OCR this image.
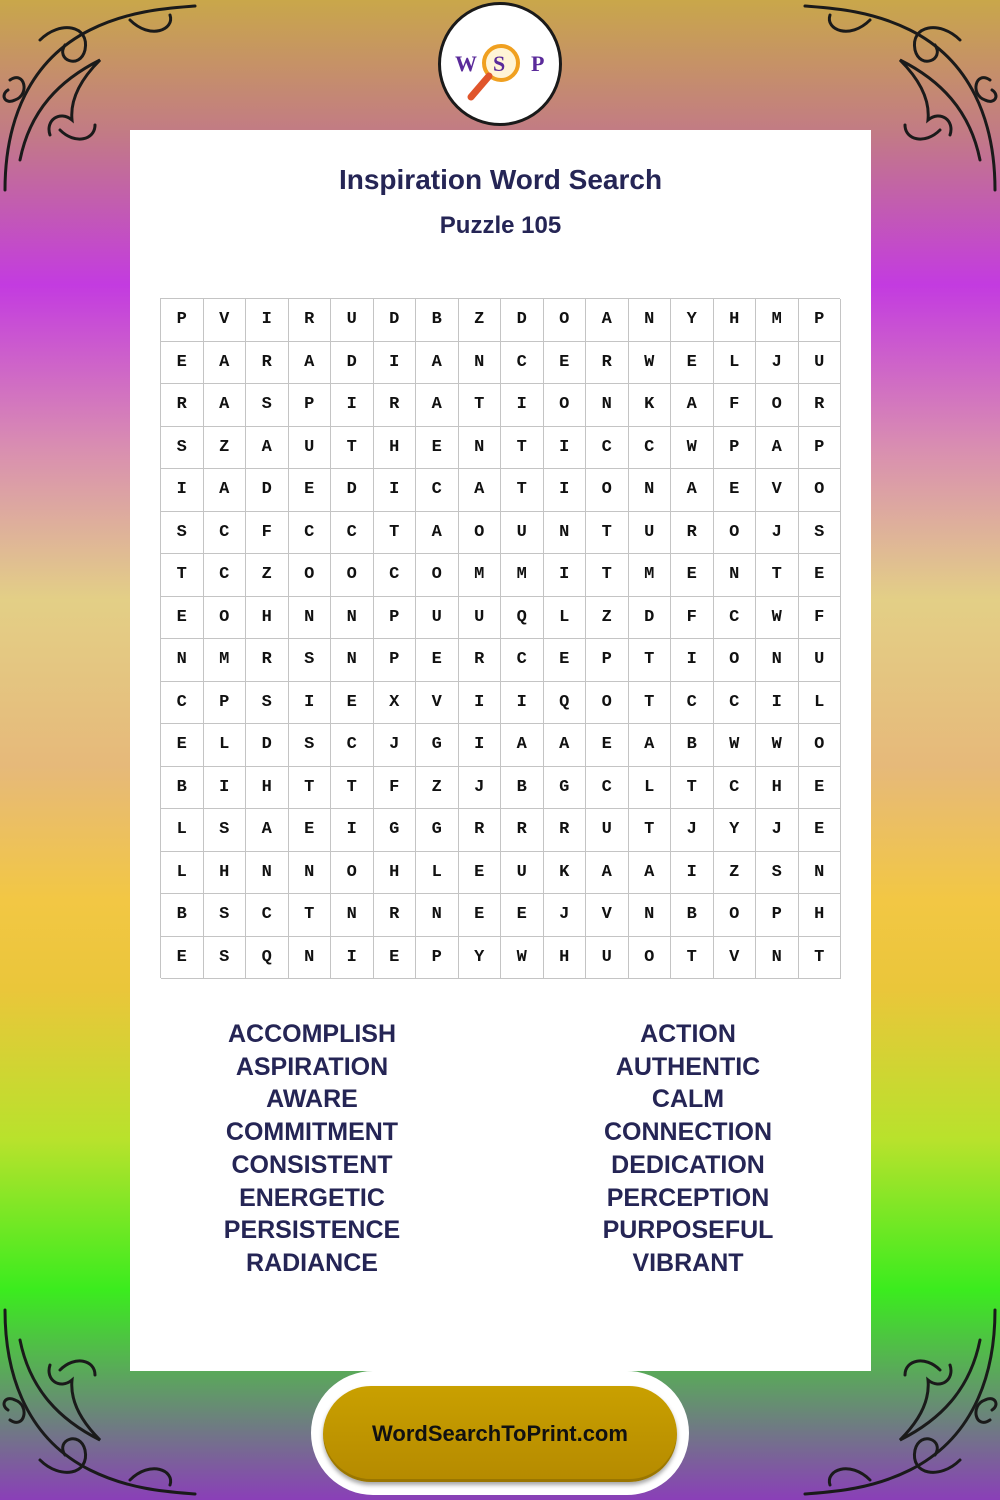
W S P
Inspiration Word Search
Puzzle 105
P	V	I	R	U	D	B	Z	D	O	A	N	Y	H	M	P
E	A	R	A	D	I	A	N	C	E	R	W	E	L	J	U
R	A	S	P	I	R	A	T	I	O	N	K	A	F	O	R
S	Z	A	U	T	H	E	N	T	I	C	C	W	P	A	P
I	A	D	E	D	I	C	A	T	I	O	N	A	E	V	O
S	C	F	C	C	T	A	O	U	N	T	U	R	O	J	S
T	C	Z	O	O	C	O	M	M	I	T	M	E	N	T	E
E	O	H	N	N	P	U	U	Q	L	Z	D	F	C	W	F
N	M	R	S	N	P	E	R	C	E	P	T	I	O	N	U
C	P	S	I	E	X	V	I	I	Q	O	T	C	C	I	L
E	L	D	S	C	J	G	I	A	A	E	A	B	W	W	O
B	I	H	T	T	F	Z	J	B	G	C	L	T	C	H	E
L	S	A	E	I	G	G	R	R	R	U	T	J	Y	J	E
L	H	N	N	O	H	L	E	U	K	A	A	I	Z	S	N
B	S	C	T	N	R	N	E	E	J	V	N	B	O	P	H
E	S	Q	N	I	E	P	Y	W	H	U	O	T	V	N	T
ACCOMPLISH
ASPIRATION
AWARE
COMMITMENT
CONSISTENT
ENERGETIC
PERSISTENCE
RADIANCE
ACTION
AUTHENTIC
CALM
CONNECTION
DEDICATION
PERCEPTION
PURPOSEFUL
VIBRANT
WordSearchToPrint.com
